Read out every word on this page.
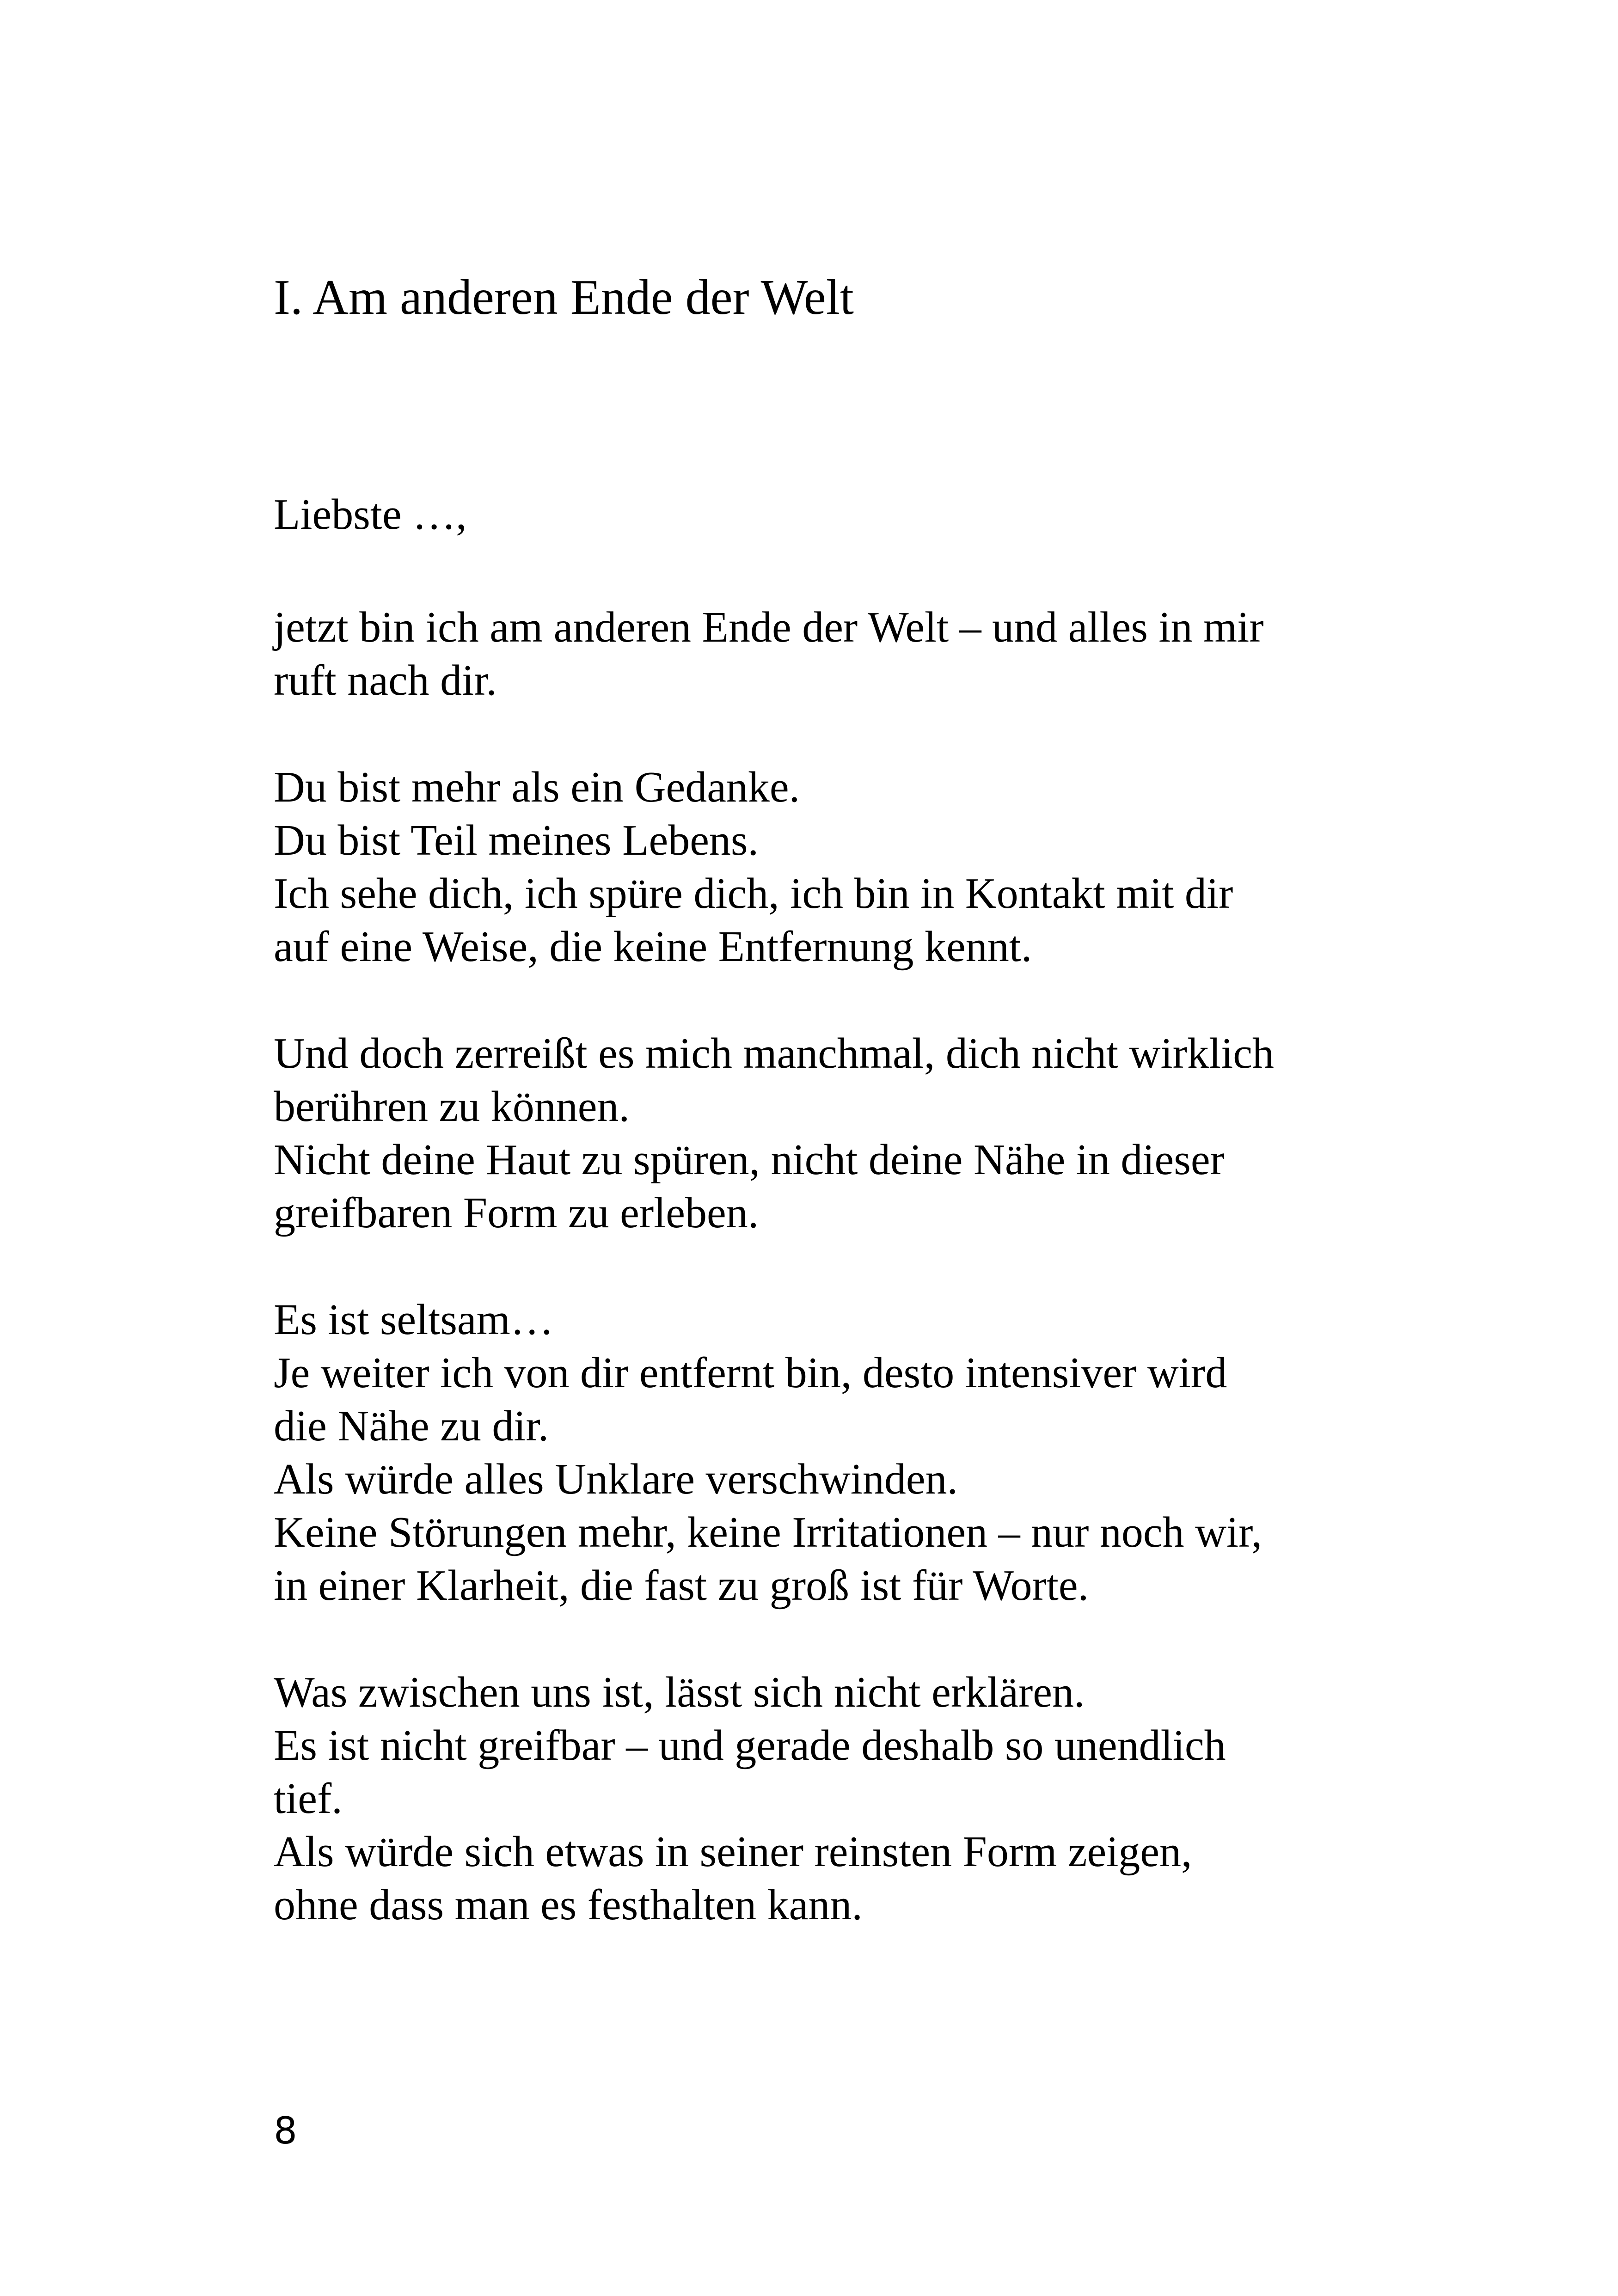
I. Am anderen Ende der Welt

Liebste …,

jetzt bin ich am anderen Ende der Welt – und alles in mir
ruft nach dir.

Du bist mehr als ein Gedanke.
Du bist Teil meines Lebens.
Ich sehe dich, ich spüre dich, ich bin in Kontakt mit dir
auf eine Weise, die keine Entfernung kennt.

Und doch zerreißt es mich manchmal, dich nicht wirklich
berühren zu können.
Nicht deine Haut zu spüren, nicht deine Nähe in dieser
greifbaren Form zu erleben.

Es ist seltsam…
Je weiter ich von dir entfernt bin, desto intensiver wird
die Nähe zu dir.
Als würde alles Unklare verschwinden.
Keine Störungen mehr, keine Irritationen – nur noch wir,
in einer Klarheit, die fast zu groß ist für Worte.

Was zwischen uns ist, lässt sich nicht erklären.
Es ist nicht greifbar – und gerade deshalb so unendlich
tief.
Als würde sich etwas in seiner reinsten Form zeigen,
ohne dass man es festhalten kann.

8
